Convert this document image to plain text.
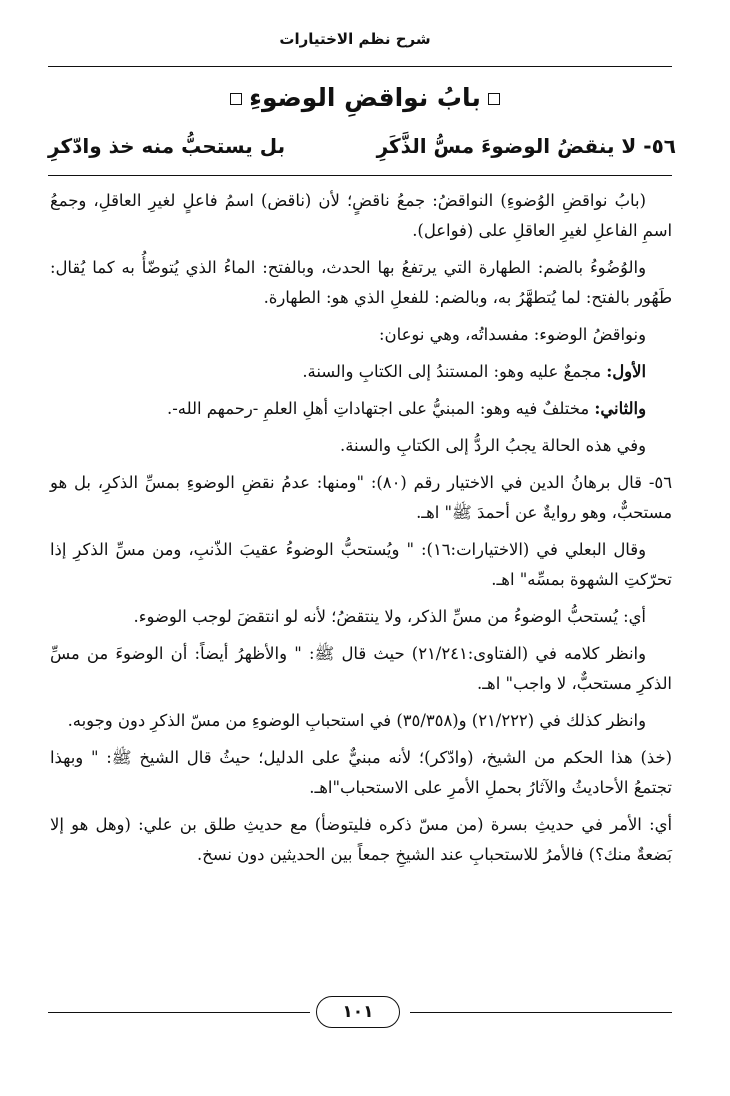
شرح نظم الاختيارات
بابُ نواقضِ الوضوءِ
٥٦- لا ينقضُ الوضوءَ مسُّ الذَّكَرِ
بل يستحبُّ منه خذ وادّكرِ

(بابُ نواقضِ الوُضوءِ) النواقضُ: جمعُ ناقضٍ؛ لأن (ناقض) اسمُ فاعلٍ لغيرِ العاقلِ، وجمعُ اسمِ الفاعلِ لغيرِ العاقلِ على (فواعل).

والوُضُوءُ بالضم: الطهارة التي يرتفعُ بها الحدث، وبالفتح: الماءُ الذي يُتوضّأُ به كما يُقال: طَهُور بالفتح: لما يُتطهَّرُ به، وبالضم: للفعلِ الذي هو: الطهارة.

ونواقضُ الوضوء: مفسداتُه، وهي نوعان:

الأول: مجمعٌ عليه وهو: المستندُ إلى الكتابِ والسنة.

والثاني: مختلفٌ فيه وهو: المبنيُّ على اجتهاداتِ أهلِ العلمِ -رحمهم الله-.

وفي هذه الحالة يجبُ الردُّ إلى الكتابِ والسنة.

٥٦- قال برهانُ الدين في الاختيار رقم (٨٠): "ومنها: عدمُ نقضِ الوضوءِ بمسِّ الذكرِ، بل هو مستحبٌّ، وهو روايةٌ عن أحمدَ ﷺ" اهـ.

وقال البعلي في (الاختيارات:١٦): " ويُستحبُّ الوضوءُ عقيبَ الذّنبِ، ومن مسِّ الذكرِ إذا تحرّكتِ الشهوة بمسِّه" اهـ.

أي: يُستحبُّ الوضوءُ من مسِّ الذكر، ولا ينتقضُ؛ لأنه لو انتقضَ لوجب الوضوء.

وانظر كلامه في (الفتاوى:٢١/٢٤١) حيث قال ﷺ: " والأظهرُ أيضاً: أن الوضوءَ من مسِّ الذكرِ مستحبٌّ، لا واجب" اهـ.

وانظر كذلك في (٢١/٢٢٢) و(٣٥/٣٥٨) في استحبابِ الوضوءِ من مسّ الذكرِ دون وجوبه.

(خذ) هذا الحكم من الشيخ، (وادّكر)؛ لأنه مبنيٌّ على الدليل؛ حيثُ قال الشيخ ﷺ: " وبهذا تجتمعُ الأحاديثُ والآثارُ بحملِ الأمرِ على الاستحباب"اهـ.

أي: الأمر في حديثِ بسرة (من مسّ ذكره فليتوضأ) مع حديثِ طلق بن علي: (وهل هو إلا بَضعةٌ منك؟) فالأمرُ للاستحبابِ عند الشيخِ جمعاً بين الحديثين دون نسخ.

١٠١
